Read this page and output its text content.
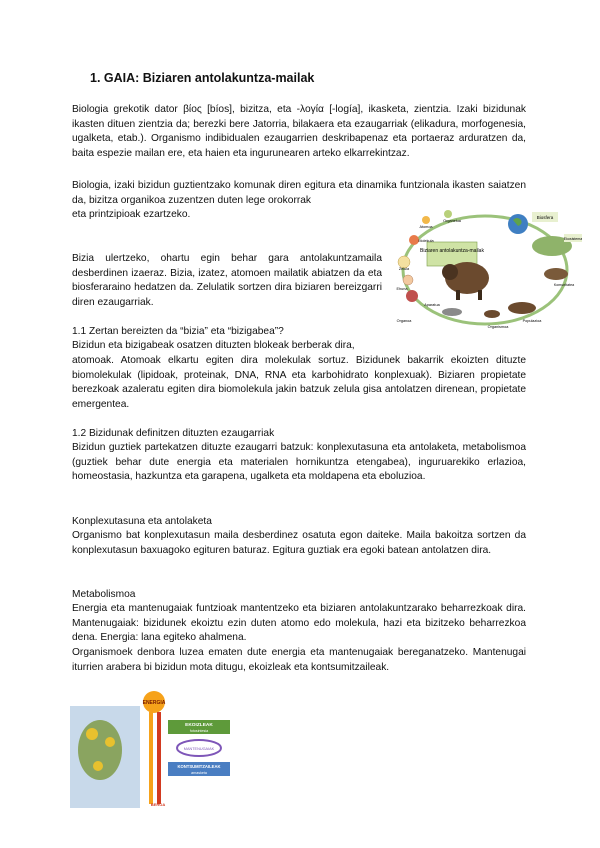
1. GAIA: Biziaren antolakuntza-mailak

Biologia grekotik dator βίος [bíos], bizitza, eta -λογία [-logía], ikasketa, zientzia. Izaki bizidunak ikasten dituen zientzia da; berezki bere Jatorria, bilakaera eta ezaugarriak (elikadura, morfogenesia, ugalketa, etab.). Organismo indibidualen ezaugarrien deskribapenaz eta portaeraz arduratzen da, baita espezie mailan ere, eta haien eta ingurunearen arteko elkarrekintzaz.

Biologia, izaki bizidun guztientzako komunak diren egitura eta dinamika funtzionala ikasten saiatzen da, bizitza organikoa zuzentzen duten lege orokorrak

eta printzipioak ezartzeko.

Bizia ulertzeko, ohartu egin behar gara antolakuntzamaila desberdinen izaeraz. Bizia, izatez, atomoen mailatik abiatzen da eta biosferaraino hedatzen da. Zelulatik sortzen dira biziaren bereizgarri diren ezaugarriak.

Biziaren antolakuntza-mailak
Biosfera
Ekosistema
Komunitatea
Populazioa
Organismoa
Aparatua
Organoa
Ehuna
Zelula
Molekula
Atomoa
Organelua

1.1 Zertan bereizten da “bizia” eta “bizigabea”?

Bizidun eta bizigabeak osatzen dituzten blokeak berberak dira,

atomoak. Atomoak elkartu egiten dira molekulak sortuz. Bizidunek bakarrik ekoizten dituzte biomolekulak (lipidoak, proteinak, DNA, RNA eta karbohidrato konplexuak). Biziaren propietate berezkoak azaleratu egiten dira biomolekula jakin batzuk zelula gisa antolatzen direnean, propietate emergentea.

1.2 Bizidunak definitzen dituzten ezaugarriak

Bizidun guztiek partekatzen dituzte ezaugarri batzuk: konplexutasuna eta antolaketa, metabolismoa (guztiek behar dute energia eta materialen hornikuntza etengabea), inguruarekiko erlazioa, homeostasia, hazkuntza eta garapena, ugalketa eta moldapena eta eboluzioa.

Konplexutasuna eta antolaketa

Organismo bat konplexutasun maila desberdinez osatuta egon daiteke. Maila bakoitza sortzen da konplexutasun baxuagoko egituren baturaz. Egitura guztiak era egoki batean antolatzen dira.

Metabolismoa

Energia eta mantenugaiak funtzioak mantentzeko eta biziaren antolakuntzarako beharrezkoak dira. Mantenugaiak: bizidunek ekoiztu ezin duten atomo edo molekula, hazi eta bizitzeko beharrezkoa dena. Energia: lana egiteko ahalmena.

Organismoek denbora luzea ematen dute energia eta mantenugaiak bereganatzeko. Mantenugai iturrien arabera bi bizidun mota ditugu, ekoizleak eta kontsumitzaileak.

ENERGIA
EKOIZLEAK
fotosintesia
MANTENUGAIAK
KONTSUMITZAILEAK
arnasketa
BEROA
